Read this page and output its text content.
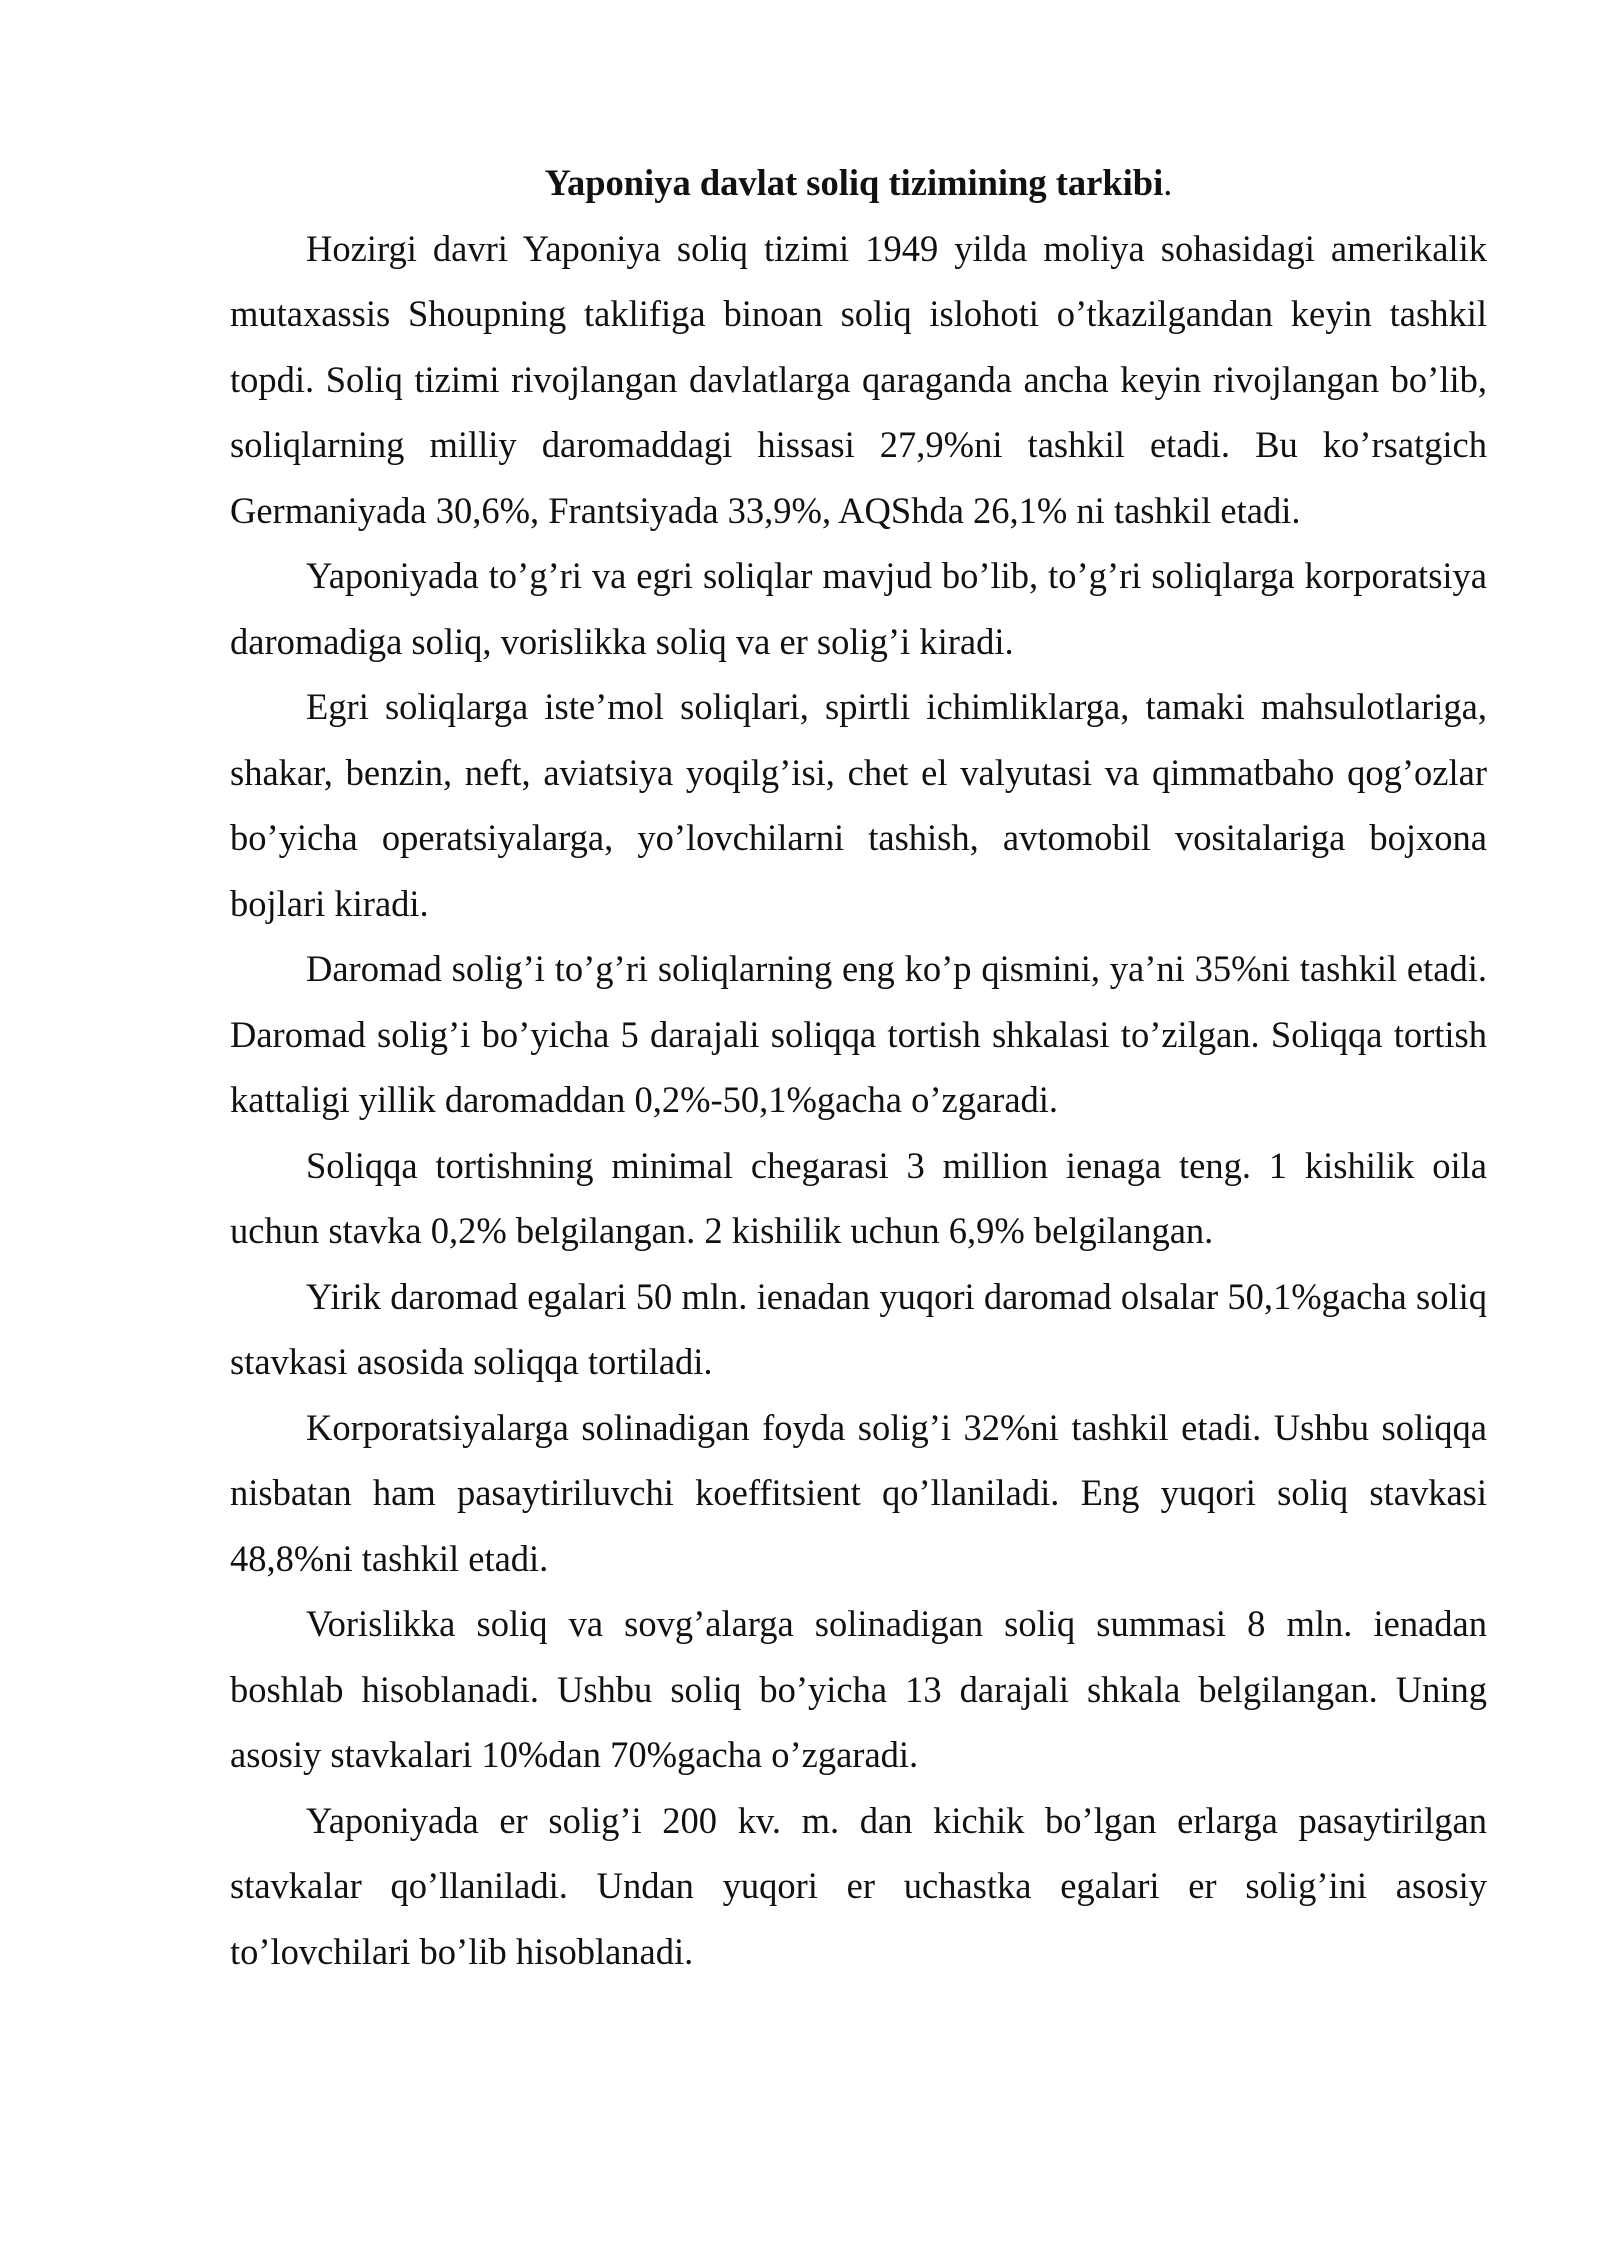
Yaponiya davlat soliq tizimining tarkibi.

Hozirgi davri Yaponiya soliq tizimi 1949 yilda moliya sohasidagi amerikalik mutaxassis Shoupning taklifiga binoan soliq islohoti o’tkazilgandan keyin tashkil topdi. Soliq tizimi rivojlangan davlatlarga qaraganda ancha keyin rivojlangan bo’lib, soliqlarning milliy daromaddagi hissasi 27,9%ni tashkil etadi. Bu ko’rsatgich Germaniyada 30,6%, Frantsiyada 33,9%, AQShda 26,1% ni tashkil etadi.

Yaponiyada to’g’ri va egri soliqlar mavjud bo’lib, to’g’ri soliqlarga korporatsiya daromadiga soliq, vorislikka soliq va er solig’i kiradi.

Egri soliqlarga iste’mol soliqlari, spirtli ichimliklarga, tamaki mahsulotlariga, shakar, benzin, neft, aviatsiya yoqilg’isi, chet el valyutasi va qimmatbaho qog’ozlar bo’yicha operatsiyalarga, yo’lovchilarni tashish, avtomobil vositalariga bojxona bojlari kiradi.

Daromad solig’i to’g’ri soliqlarning eng ko’p qismini, ya’ni 35%ni tashkil etadi. Daromad solig’i bo’yicha 5 darajali soliqqa tortish shkalasi to’zilgan. Soliqqa tortish kattaligi yillik daromaddan 0,2%-50,1%gacha o’zgaradi.

Soliqqa tortishning minimal chegarasi 3 million ienaga teng. 1 kishilik oila uchun stavka 0,2% belgilangan. 2 kishilik uchun 6,9% belgilangan.

Yirik daromad egalari 50 mln. ienadan yuqori daromad olsalar 50,1%gacha soliq stavkasi asosida soliqqa tortiladi.

Korporatsiyalarga solinadigan foyda solig’i 32%ni tashkil etadi. Ushbu soliqqa nisbatan ham pasaytiriluvchi koeffitsient qo’llaniladi. Eng yuqori soliq stavkasi 48,8%ni tashkil etadi.

Vorislikka soliq va sovg’alarga solinadigan soliq summasi 8 mln. ienadan boshlab hisoblanadi. Ushbu soliq bo’yicha 13 darajali shkala belgilangan. Uning asosiy stavkalari 10%dan 70%gacha o’zgaradi.

Yaponiyada er solig’i 200 kv. m. dan kichik bo’lgan erlarga pasaytirilgan stavkalar qo’llaniladi. Undan yuqori er uchastka egalari er solig’ini asosiy to’lovchilari bo’lib hisoblanadi.
